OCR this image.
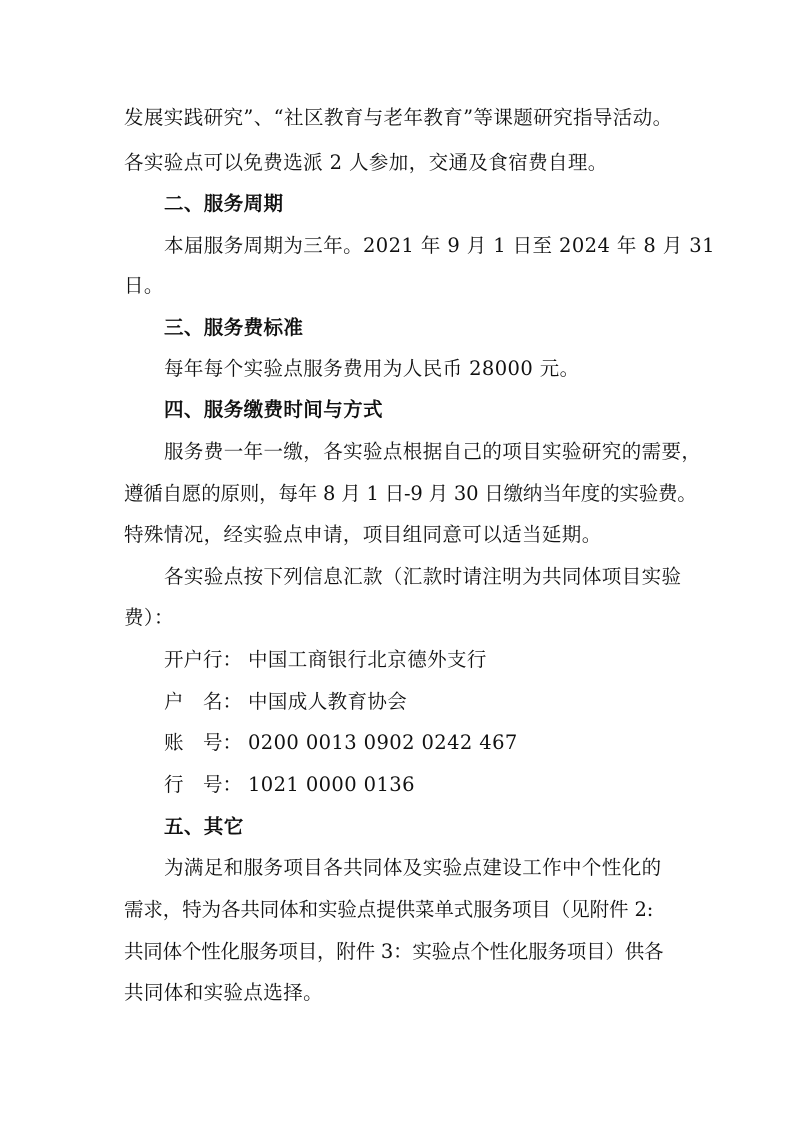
发展实践研究”、“社区教育与老年教育”等课题研究指导活动。
各实验点可以免费选派 2 人参加，交通及食宿费自理。
二、服务周期
本届服务周期为三年。2021 年 9 月 1 日至 2024 年 8 月 31
日。
三、服务费标准
每年每个实验点服务费用为人民币 28000 元。
四、服务缴费时间与方式
服务费一年一缴，各实验点根据自己的项目实验研究的需要，
遵循自愿的原则，每年 8 月 1 日-9 月 30 日缴纳当年度的实验费。
特殊情况，经实验点申请，项目组同意可以适当延期。
各实验点按下列信息汇款（汇款时请注明为共同体项目实验
费）：
开户行： 中国工商银行北京德外支行
户　名： 中国成人教育协会
账　号： 0200 0013 0902 0242 467
行　号： 1021 0000 0136
五、其它
为满足和服务项目各共同体及实验点建设工作中个性化的
需求，特为各共同体和实验点提供菜单式服务项目（见附件 2:
共同体个性化服务项目，附件 3：实验点个性化服务项目）供各
共同体和实验点选择。
